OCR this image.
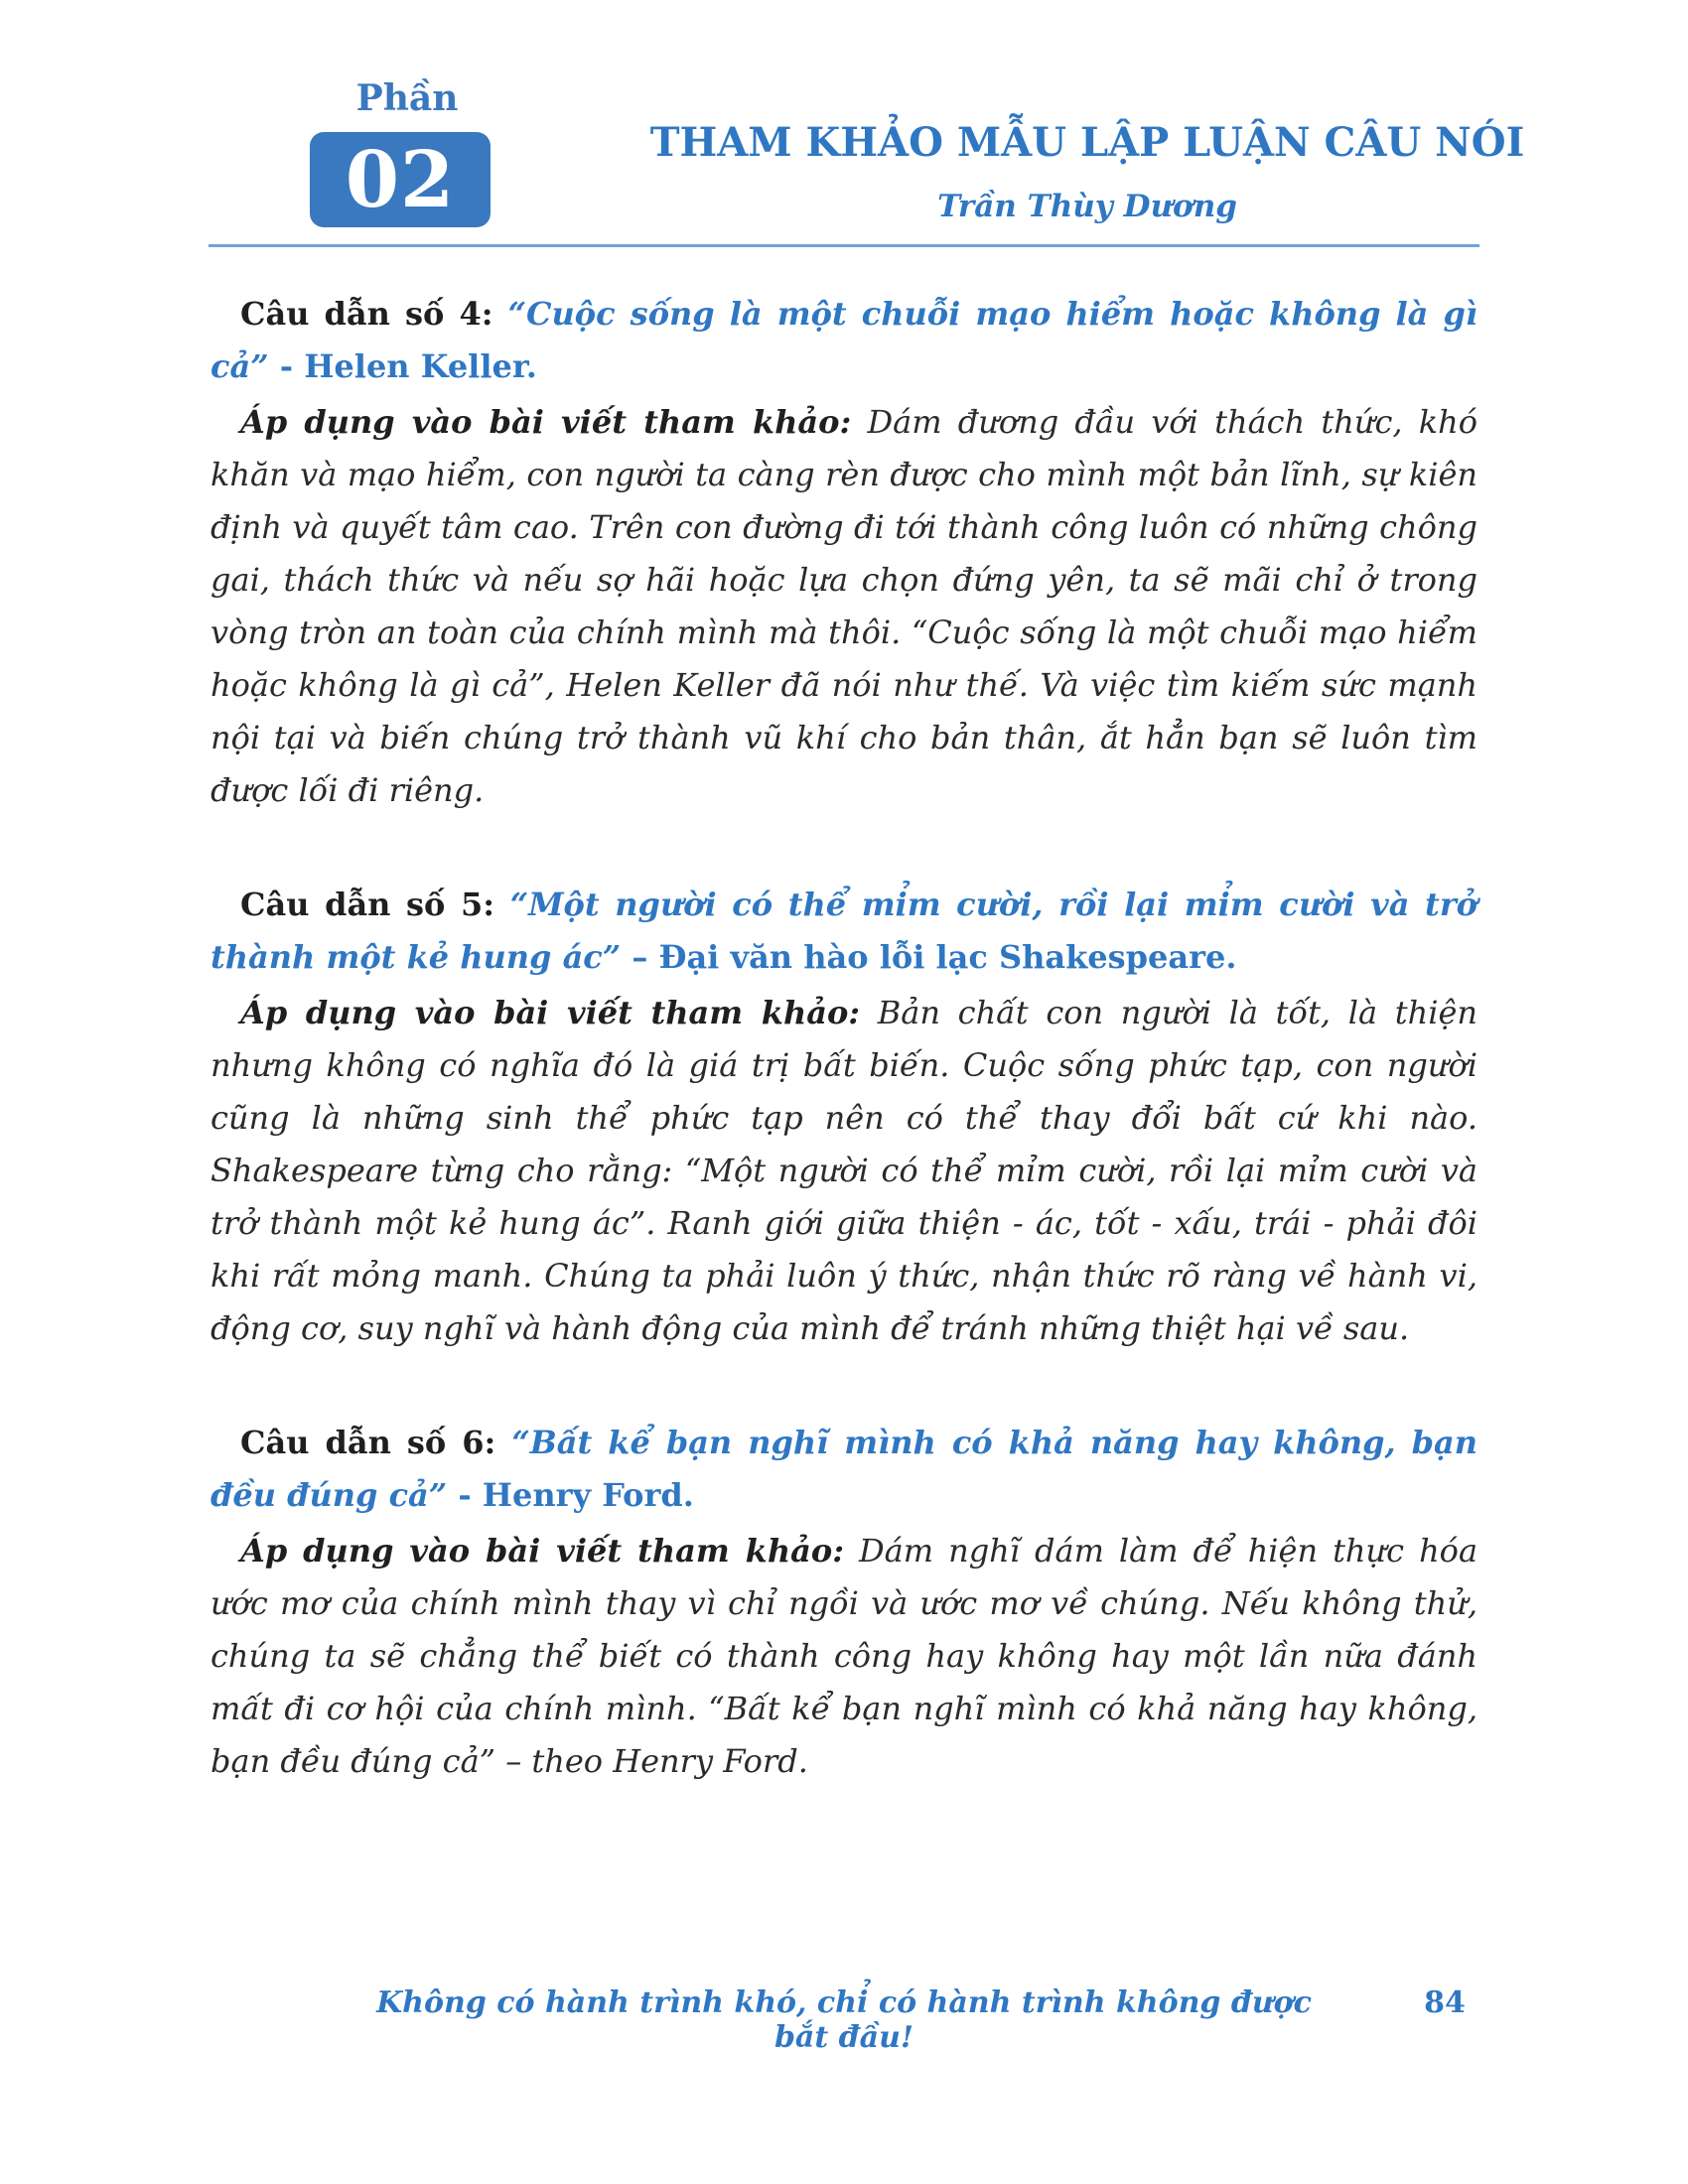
Phần
02	THAM KHẢO MẪU LẬP LUẬN CÂU NÓI
Trần Thùy Dương

Câu dẫn số 4: “Cuộc sống là một chuỗi mạo hiểm hoặc không là gì cả” - Helen Keller.

Áp dụng vào bài viết tham khảo: Dám đương đầu với thách thức, khó khăn và mạo hiểm, con người ta càng rèn được cho mình một bản lĩnh, sự kiên định và quyết tâm cao. Trên con đường đi tới thành công luôn có những chông gai, thách thức và nếu sợ hãi hoặc lựa chọn đứng yên, ta sẽ mãi chỉ ở trong vòng tròn an toàn của chính mình mà thôi. “Cuộc sống là một chuỗi mạo hiểm hoặc không là gì cả”, Helen Keller đã nói như thế. Và việc tìm kiếm sức mạnh nội tại và biến chúng trở thành vũ khí cho bản thân, ắt hẳn bạn sẽ luôn tìm được lối đi riêng.

Câu dẫn số 5: “Một người có thể mỉm cười, rồi lại mỉm cười và trở thành một kẻ hung ác” – Đại văn hào lỗi lạc Shakespeare.

Áp dụng vào bài viết tham khảo: Bản chất con người là tốt, là thiện nhưng không có nghĩa đó là giá trị bất biến. Cuộc sống phức tạp, con người cũng là những sinh thể phức tạp nên có thể thay đổi bất cứ khi nào. Shakespeare từng cho rằng: “Một người có thể mỉm cười, rồi lại mỉm cười và trở thành một kẻ hung ác”. Ranh giới giữa thiện - ác, tốt - xấu, trái - phải đôi khi rất mỏng manh. Chúng ta phải luôn ý thức, nhận thức rõ ràng về hành vi, động cơ, suy nghĩ và hành động của mình để tránh những thiệt hại về sau.

Câu dẫn số 6: “Bất kể bạn nghĩ mình có khả năng hay không, bạn đều đúng cả” - Henry Ford.

Áp dụng vào bài viết tham khảo: Dám nghĩ dám làm để hiện thực hóa ước mơ của chính mình thay vì chỉ ngồi và ước mơ về chúng. Nếu không thử, chúng ta sẽ chẳng thể biết có thành công hay không hay một lần nữa đánh mất đi cơ hội của chính mình. “Bất kể bạn nghĩ mình có khả năng hay không, bạn đều đúng cả” – theo Henry Ford.

Không có hành trình khó, chỉ có hành trình không được bắt đầu!
84
